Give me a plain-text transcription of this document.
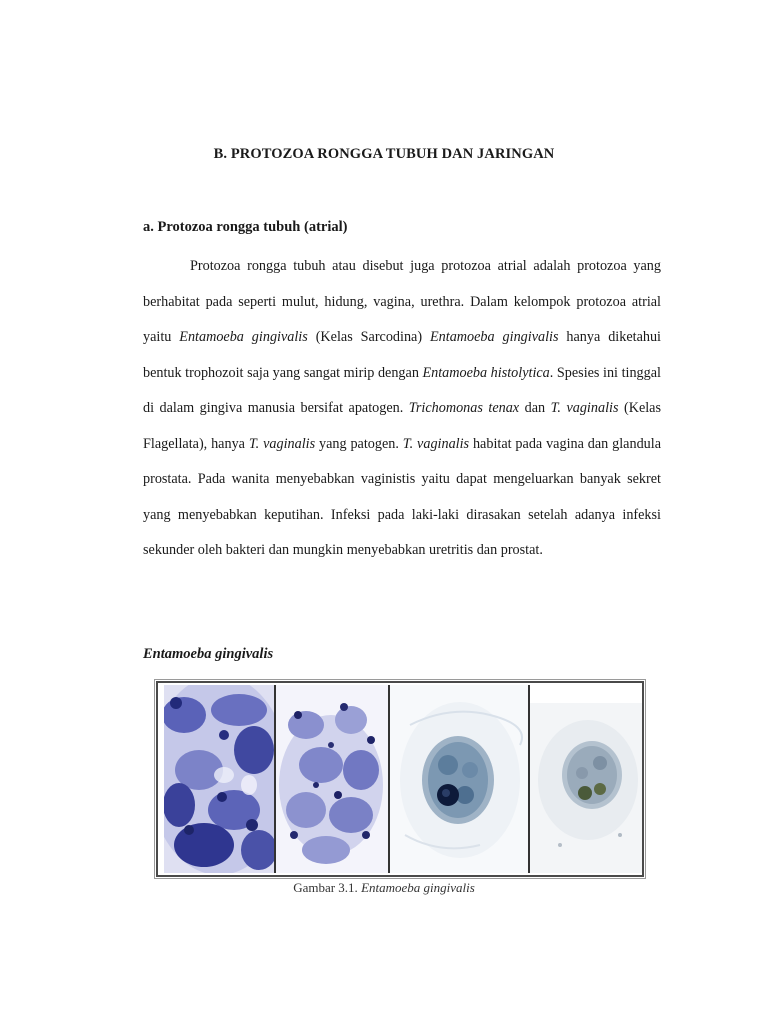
B. PROTOZOA RONGGA TUBUH DAN JARINGAN
a. Protozoa rongga tubuh (atrial)

Protozoa rongga tubuh atau disebut juga protozoa atrial adalah protozoa yang berhabitat pada seperti mulut, hidung, vagina, urethra. Dalam kelompok protozoa atrial yaitu Entamoeba gingivalis (Kelas Sarcodina) Entamoeba gingivalis hanya diketahui bentuk trophozoit saja yang sangat mirip dengan Entamoeba histolytica. Spesies ini tinggal di dalam gingiva manusia bersifat apatogen. Trichomonas tenax dan T. vaginalis (Kelas Flagellata), hanya T. vaginalis yang patogen. T. vaginalis habitat pada vagina dan glandula prostata. Pada wanita menyebabkan vaginistis yaitu dapat mengeluarkan banyak sekret yang menyebabkan keputihan. Infeksi pada laki-laki dirasakan setelah adanya infeksi sekunder oleh bakteri dan mungkin menyebabkan uretritis dan prostat.

Entamoeba gingivalis
Gambar 3.1. Entamoeba gingivalis
